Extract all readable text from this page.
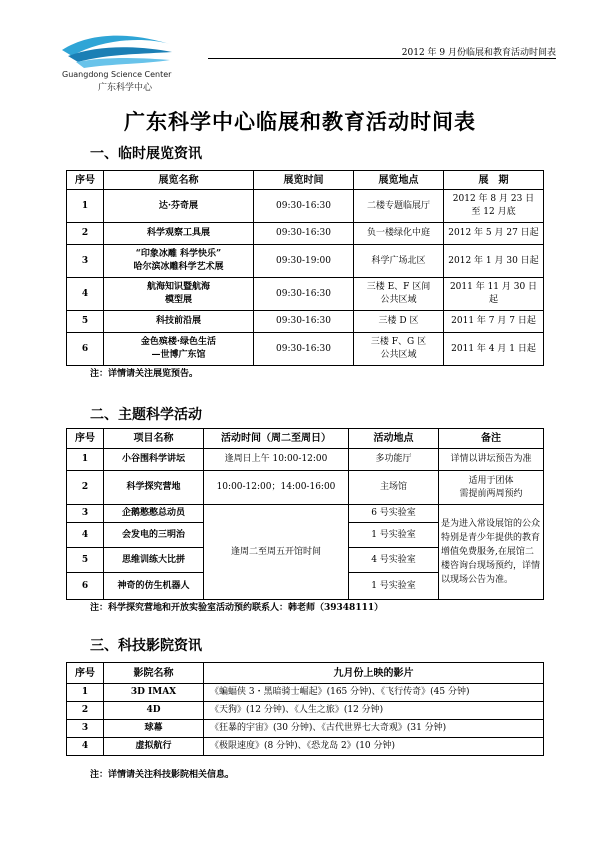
Guangdong Science Center
广东科学中心
2012 年 9 月份临展和教育活动时间表
广东科学中心临展和教育活动时间表
一、临时展览资讯
序号	展览名称	展览时间	展览地点	展　期
1	达·芬奇展	09:30-16:30	二楼专题临展厅	2012 年 8 月 23 日
至 12 月底
2	科学观察工具展	09:30-16:30	负一楼绿化中庭	2012 年 5 月 27 日起
3	“印象冰雕 科学快乐”
哈尔滨冰雕科学艺术展	09:30-19:00	科学广场北区	2012 年 1 月 30 日起
4	航海知识暨航海
模型展	09:30-16:30	三楼 E、F 区间
公共区域	2011 年 11 月 30 日起
5	科技前沿展	09:30-16:30	三楼 D 区	2011 年 7 月 7 日起
6	金色殡楼·绿色生活
—世博广东馆	09:30-16:30	三楼 F、G 区
公共区域	2011 年 4 月 1 日起
注：详情请关注展览预告。
二、主题科学活动
序号	项目名称	活动时间（周二至周日）	活动地点	备注
1	小谷围科学讲坛	逢周日上午 10:00-12:00	多功能厅	详情以讲坛预告为准
2	科学探究营地	10:00-12:00；14:00-16:00	主场馆	适用于团体
需提前两周预约
3	企鹅憨憨总动员	逢周二至周五开馆时间	6 号实验室	是为进入常设展馆的公众特别是青少年提供的教育增值免费服务,在展馆二楼咨询台现场预约，详情以现场公告为准。
4	会发电的三明治		1 号实验室	
5	思维训练大比拼		4 号实验室	
6	神奇的仿生机器人		1 号实验室	
注：科学探究营地和开放实验室活动预约联系人：韩老师（39348111）
三、科技影院资讯
序号	影院名称	九月份上映的影片
1	3D IMAX	《蝙蝠侠 3・黑暗骑士崛起》(165 分钟)、《飞行传奇》(45 分钟)
2	4D	《天狗》(12 分钟)、《人生之旅》(12 分钟)
3	球幕	《狂暴的宇宙》(30 分钟)、《古代世界七大奇观》(31 分钟)
4	虚拟航行	《极限速度》(8 分钟)、《恐龙岛 2》(10 分钟)
注：详情请关注科技影院相关信息。
